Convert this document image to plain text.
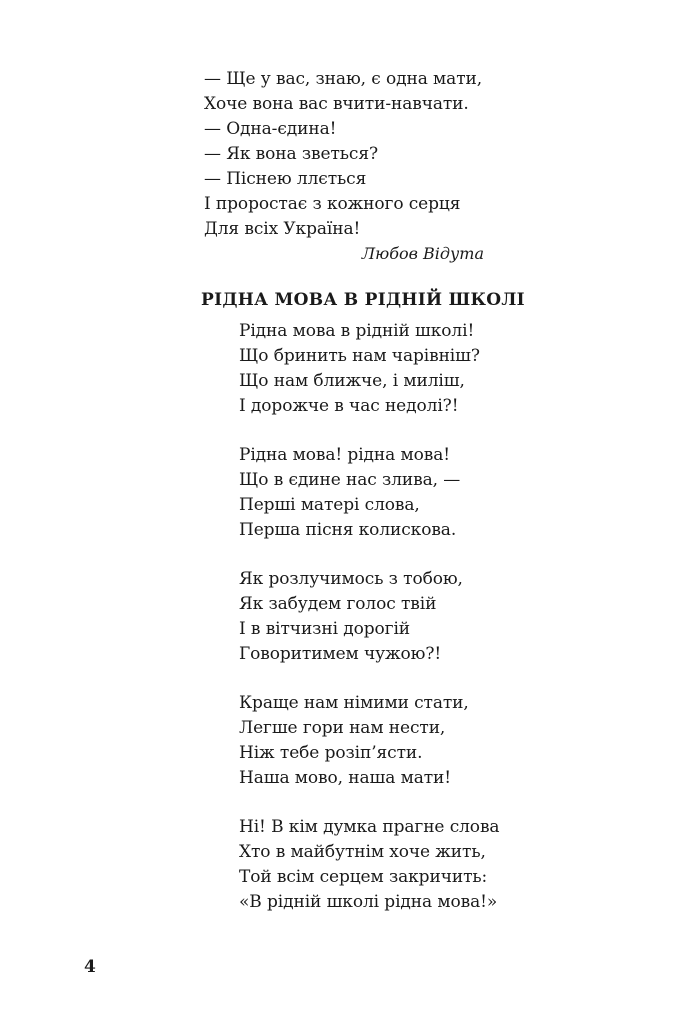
— Ще у вас, знаю, є одна мати,
Хоче вона вас вчити-навчати.
— Одна-єдина!
— Як вона зветься?
— Піснею ллється
І проростає з кожного серця
Для всіх Україна!
Любов Відута
РІДНА МОВА В РІДНІЙ ШКОЛІ
Рідна мова в рідній школі!
Що бринить нам чарівніш?
Що нам ближче, і миліш,
І дорожче в час недолі?!
Рідна мова! рідна мова!
Що в єдине нас злива, —
Перші матері слова,
Перша пісня колискова.
Як розлучимось з тобою,
Як забудем голос твій
І в вітчизні дорогій
Говоритимем чужою?!
Краще нам німими стати,
Легше гори нам нести,
Ніж тебе розіп’ясти.
Наша мово, наша мати!
Ні! В кім думка прагне слова
Хто в майбутнім хоче жить,
Той всім серцем закричить:
«В рідній школі рідна мова!»
4
